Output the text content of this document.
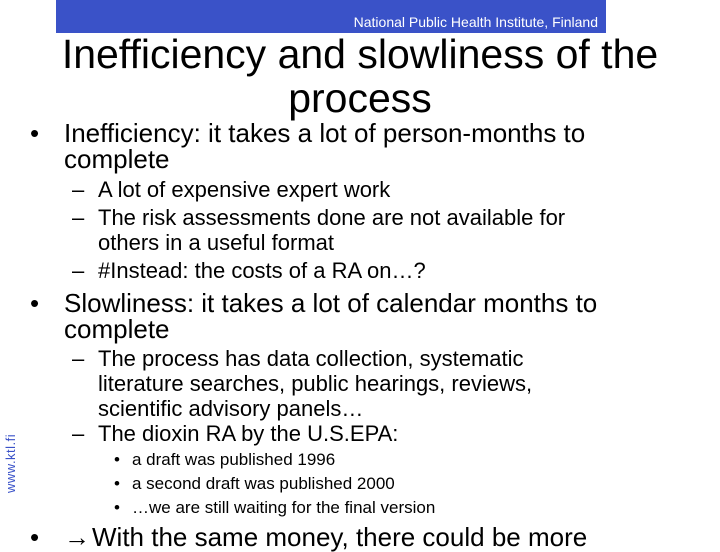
National Public Health Institute, Finland
www.ktl.fi
Inefficiency and slowliness of the process
• Inefficiency: it takes a lot of person-months to
complete
– A lot of expensive expert work
– The risk assessments done are not available for
others in a useful format
– #Instead: the costs of a RA on…?
• Slowliness: it takes a lot of calendar months to
complete
– The process has data collection, systematic
literature searches, public hearings, reviews,
scientific advisory panels…
– The dioxin RA by the U.S.EPA:
• a draft was published 1996
• a second draft was published 2000
• …we are still waiting for the final version
• →With the same money, there could be more
